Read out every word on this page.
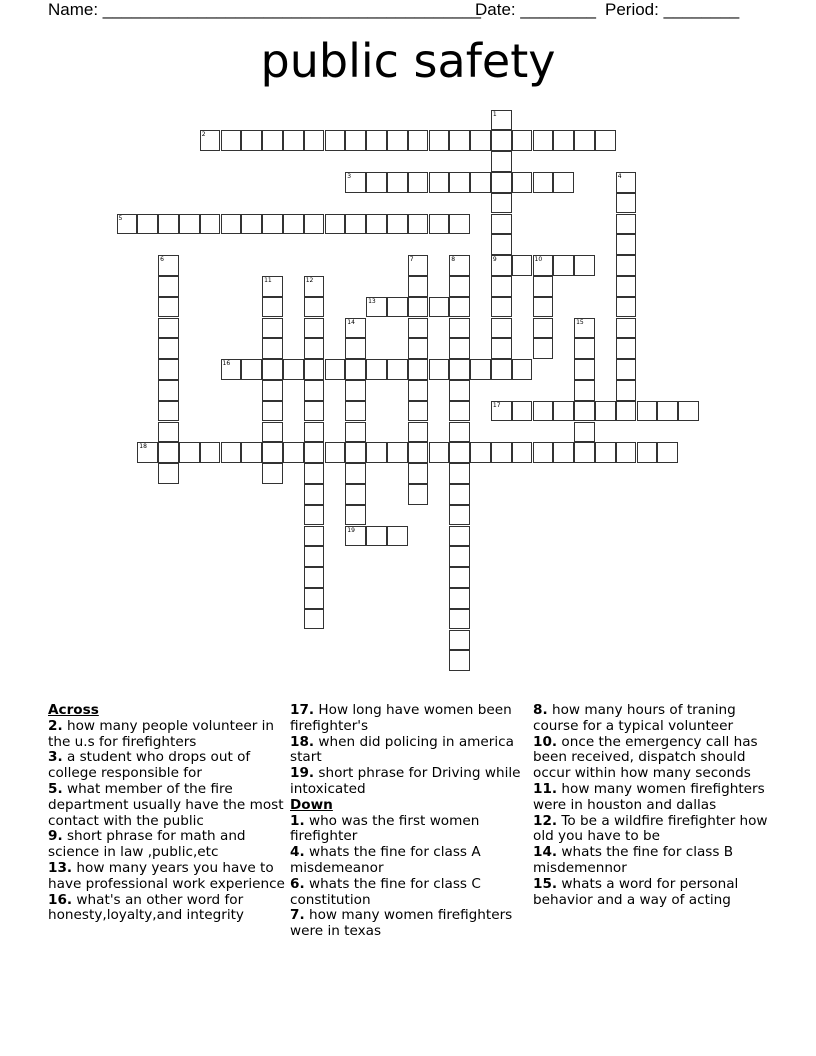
Name: ________________________________________
Date: ________ Period: ________
public safety
1
9
2
3	4
5
6	7	8	10
11	12
13
14
19
15
16
17
18
Across
2. how many people volunteer in the u.s for firefighters
3. a student who drops out of college responsible for
5. what member of the fire department usually have the most contact with the public
9. short phrase for math and science in law ,public,etc
13. how many years you have to have professional work experience
16. what's an other word for honesty,loyalty,and integrity
17. How long have women been firefighter's
18. when did policing in america start
19. short phrase for Driving while intoxicated
Down
1. who was the first women firefighter
4. whats the fine for class A misdemeanor
6. whats the fine for class C constitution
7. how many women firefighters were in texas
8. how many hours of traning course for a typical volunteer
10. once the emergency call has been received, dispatch should occur within how many seconds
11. how many women firefighters were in houston and dallas
12. To be a wildfire firefighter how old you have to be
14. whats the fine for class B misdemennor
15. whats a word for personal behavior and a way of acting
